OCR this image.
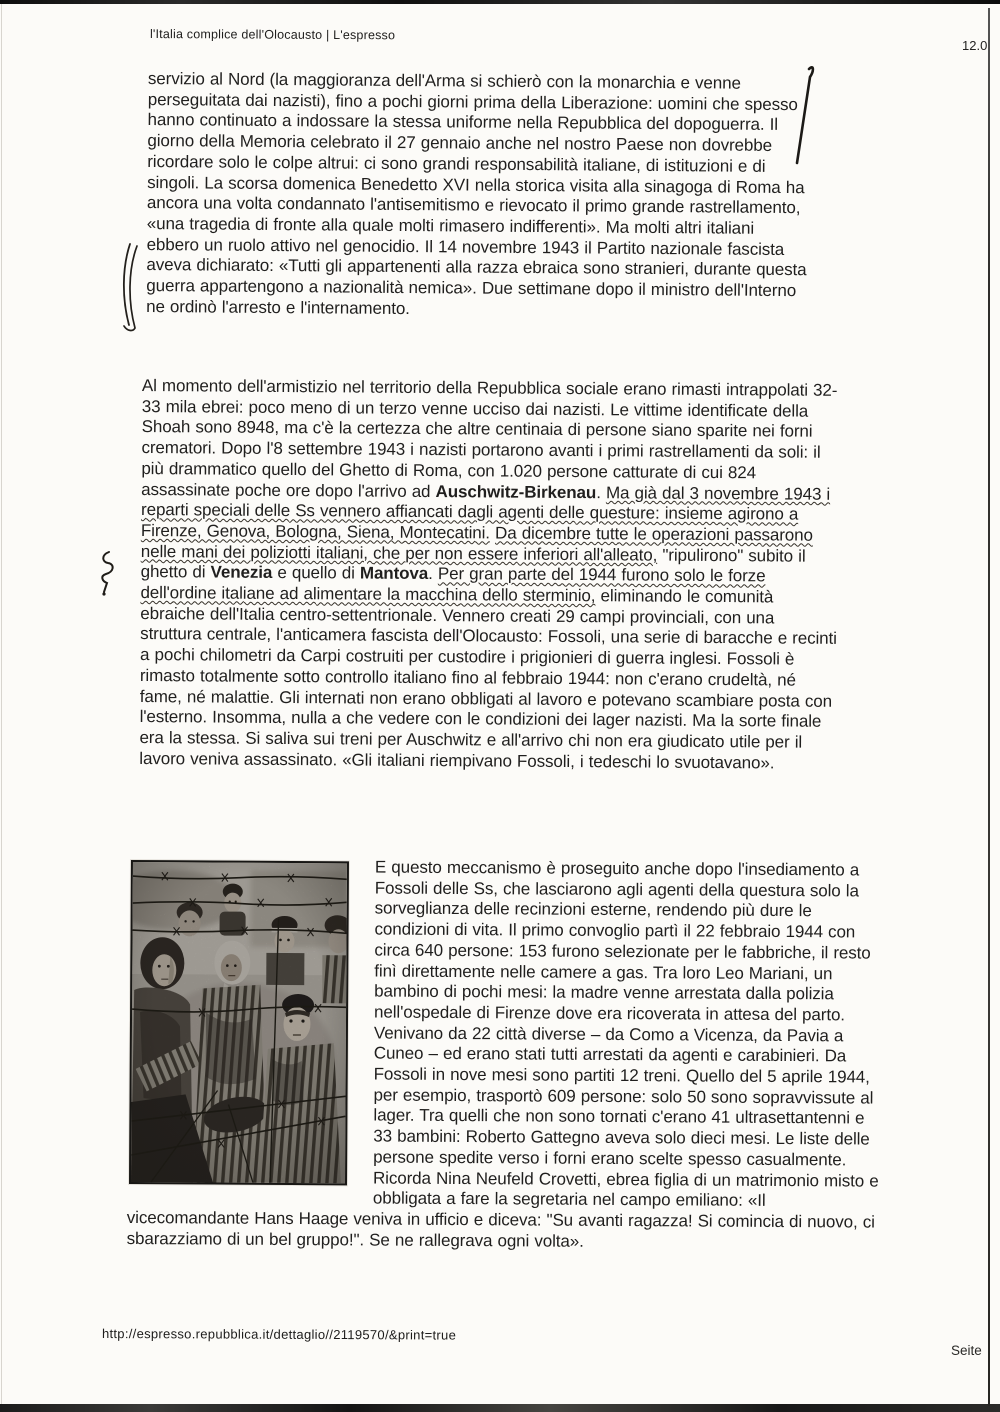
l'Italia complice dell'Olocausto | L'espresso
12.0
servizio al Nord (la maggioranza dell'Arma si schierò con la monarchia e venne perseguitata dai nazisti), fino a pochi giorni prima della Liberazione: uomini che spesso hanno continuato a indossare la stessa uniforme nella Repubblica del dopoguerra. Il giorno della Memoria celebrato il 27 gennaio anche nel nostro Paese non dovrebbe ricordare solo le colpe altrui: ci sono grandi responsabilità italiane, di istituzioni e di singoli. La scorsa domenica Benedetto XVI nella storica visita alla sinagoga di Roma ha ancora una volta condannato l'antisemitismo e rievocato il primo grande rastrellamento, «una tragedia di fronte alla quale molti rimasero indifferenti». Ma molti altri italiani ebbero un ruolo attivo nel genocidio. Il 14 novembre 1943 il Partito nazionale fascista aveva dichiarato: «Tutti gli appartenenti alla razza ebraica sono stranieri, durante questa guerra appartengono a nazionalità nemica». Due settimane dopo il ministro dell'Interno ne ordinò l'arresto e l'internamento.
Al momento dell'armistizio nel territorio della Repubblica sociale erano rimasti intrappolati 32-33 mila ebrei: poco meno di un terzo venne ucciso dai nazisti. Le vittime identificate della Shoah sono 8948, ma c'è la certezza che altre centinaia di persone siano sparite nei forni crematori. Dopo l'8 settembre 1943 i nazisti portarono avanti i primi rastrellamenti da soli: il più drammatico quello del Ghetto di Roma, con 1.020 persone catturate di cui 824 assassinate poche ore dopo l'arrivo ad Auschwitz-Birkenau. Ma già dal 3 novembre 1943 i reparti speciali delle Ss vennero affiancati dagli agenti delle questure: insieme agirono a Firenze, Genova, Bologna, Siena, Montecatini. Da dicembre tutte le operazioni passarono nelle mani dei poliziotti italiani, che per non essere inferiori all'alleato, "ripulirono" subito il ghetto di Venezia e quello di Mantova. Per gran parte del 1944 furono solo le forze dell'ordine italiane ad alimentare la macchina dello sterminio, eliminando le comunità ebraiche dell'Italia centro-settentrionale. Vennero creati 29 campi provinciali, con una struttura centrale, l'anticamera fascista dell'Olocausto: Fossoli, una serie di baracche e recinti a pochi chilometri da Carpi costruiti per custodire i prigionieri di guerra inglesi. Fossoli è rimasto totalmente sotto controllo italiano fino al febbraio 1944: non c'erano crudeltà, né fame, né malattie. Gli internati non erano obbligati al lavoro e potevano scambiare posta con l'esterno. Insomma, nulla a che vedere con le condizioni dei lager nazisti. Ma la sorte finale era la stessa. Si saliva sui treni per Auschwitz e all'arrivo chi non era giudicato utile per il lavoro veniva assassinato. «Gli italiani riempivano Fossoli, i tedeschi lo svuotavano».
E questo meccanismo è proseguito anche dopo l'insediamento a Fossoli delle Ss, che lasciarono agli agenti della questura solo la sorveglianza delle recinzioni esterne, rendendo più dure le condizioni di vita. Il primo convoglio partì il 22 febbraio 1944 con circa 640 persone: 153 furono selezionate per le fabbriche, il resto finì direttamente nelle camere a gas. Tra loro Leo Mariani, un bambino di pochi mesi: la madre venne arrestata dalla polizia nell'ospedale di Firenze dove era ricoverata in attesa del parto. Venivano da 22 città diverse – da Como a Vicenza, da Pavia a Cuneo – ed erano stati tutti arrestati da agenti e carabinieri. Da Fossoli in nove mesi sono partiti 12 treni. Quello del 5 aprile 1944, per esempio, trasportò 609 persone: solo 50 sono sopravvissute al lager. Tra quelli che non sono tornati c'erano 41 ultrasettantenni e 33 bambini: Roberto Gattegno aveva solo dieci mesi. Le liste delle persone spedite verso i forni erano scelte spesso casualmente. Ricorda Nina Neufeld Crovetti, ebrea figlia di un matrimonio misto e obbligata a fare la segretaria nel campo emiliano: «Il vicecomandante Hans Haage veniva in ufficio e diceva: "Su avanti ragazza! Si comincia di nuovo, ci sbarazziamo di un bel gruppo!". Se ne rallegrava ogni volta».
http://espresso.repubblica.it/dettaglio//2119570/&print=true
Seite
